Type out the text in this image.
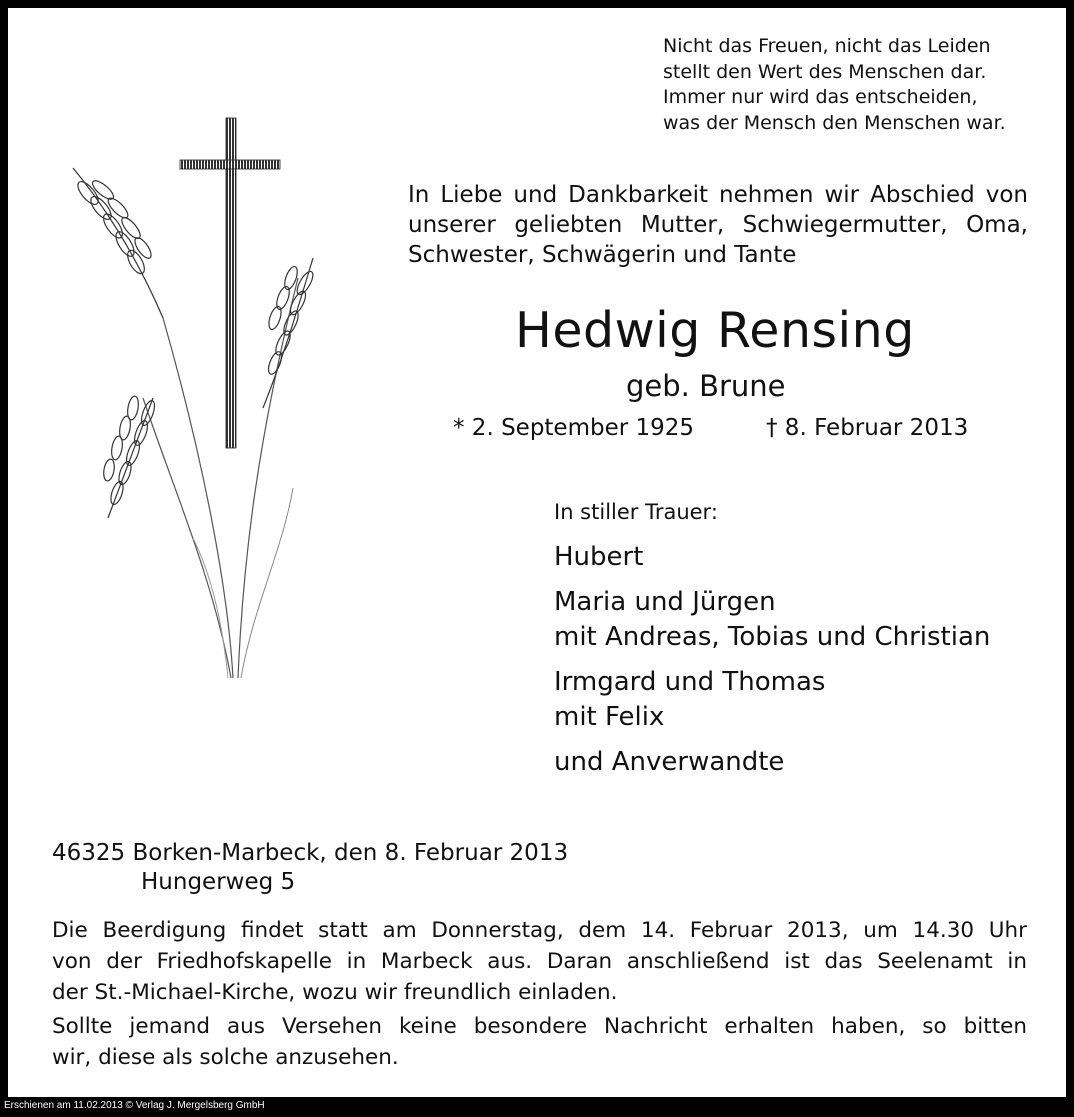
Nicht das Freuen, nicht das Leiden
stellt den Wert des Menschen dar.
Immer nur wird das entscheiden,
was der Mensch den Menschen war.
In Liebe und Dankbarkeit nehmen wir Abschied von
unserer geliebten Mutter, Schwiegermutter, Oma,
Schwester, Schwägerin und Tante
Hedwig Rensing
geb. Brune
* 2. September 1925	† 8. Februar 2013
In stiller Trauer:
Hubert
Maria und Jürgen
mit Andreas, Tobias und Christian
Irmgard und Thomas
mit Felix
und Anverwandte
46325 Borken-Marbeck, den 8. Februar 2013
Hungerweg 5
Die Beerdigung findet statt am Donnerstag, dem 14. Februar 2013, um 14.30 Uhr
von der Friedhofskapelle in Marbeck aus. Daran anschließend ist das Seelenamt in
der St.-Michael-Kirche, wozu wir freundlich einladen.
Sollte jemand aus Versehen keine besondere Nachricht erhalten haben, so bitten
wir, diese als solche anzusehen.
Erschienen am 11.02.2013 © Verlag J. Mergelsberg GmbH
